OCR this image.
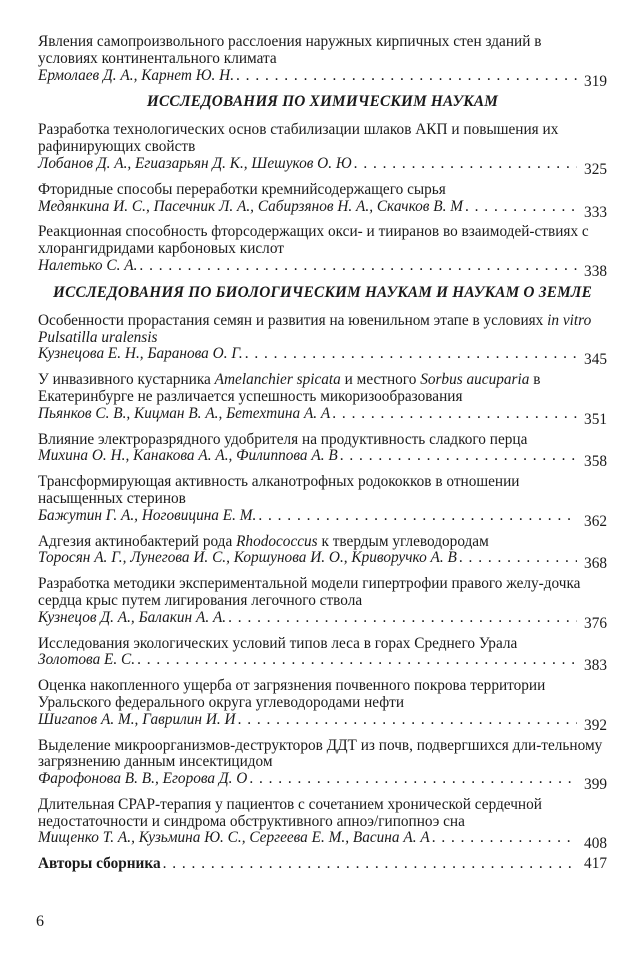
Явления самопроизвольного расслоения наружных кирпичных стен зданий в условиях континентального климата
Ермолаев Д. А., Карнет Ю. Н. . . .	319
ИССЛЕДОВАНИЯ ПО ХИМИЧЕСКИМ НАУКАМ
Разработка технологических основ стабилизации шлаков АКП и повышения их рафинирующих свойств
Лобанов Д. А., Егиазарьян Д. К., Шешуков О. Ю . . .	325
Фторидные способы переработки кремнийсодержащего сырья
Медянкина И. С., Пасечник Л. А., Сабирзянов Н. А., Скачков В. М . . .	333
Реакционная способность фторсодержащих окси- и тииранов во взаимодей-ствиях с хлорангидридами карбоновых кислот
Налетько С. А. . . .	338
ИССЛЕДОВАНИЯ ПО БИОЛОГИЧЕСКИМ НАУКАМ И НАУКАМ О ЗЕМЛЕ
Особенности прорастания семян и развития на ювенильном этапе в условиях in vitro Pulsatilla uralensis
Кузнецова Е. Н., Баранова О. Г. . . .	345
У инвазивного кустарника Amelanchier spicata и местного Sorbus aucuparia в Екатеринбурге не различается успешность микоризообразования
Пьянков С. В., Кицман В. А., Бетехтина А. А . . .	351
Влияние электроразрядного удобрителя на продуктивность сладкого перца
Михина О. Н., Канакова А. А., Филиппова А. В . . .	358
Трансформирующая активность алканотрофных родококков в отношении насыщенных стеринов
Бажутин Г. А., Ноговицина Е. М. . . .	362
Адгезия актинобактерий рода Rhodococcus к твердым углеводородам
Торосян А. Г., Лунегова И. С., Коршунова И. О., Криворучко А. В . . .	368
Разработка методики экспериментальной модели гипертрофии правого желу-дочка сердца крыс путем лигирования легочного ствола
Кузнецов Д. А., Балакин А. А. . . .	376
Исследования экологических условий типов леса в горах Среднего Урала
Золотова Е. С. . . .	383
Оценка накопленного ущерба от загрязнения почвенного покрова территории Уральского федерального округа углеводородами нефти
Шигапов А. М., Гаврилин И. И . . .	392
Выделение микроорганизмов-деструкторов ДДТ из почв, подвергшихся дли-тельному загрязнению данным инсектицидом
Фарофонова В. В., Егорова Д. О . . .	399
Длительная CPAP-терапия у пациентов с сочетанием хронической сердечной недостаточности и синдрома обструктивного апноэ/гипопноэ сна
Мищенко Т. А., Кузьмина Ю. С., Сергеева Е. М., Васина А. А . . .	408
Авторы сборника . . .	417
6
